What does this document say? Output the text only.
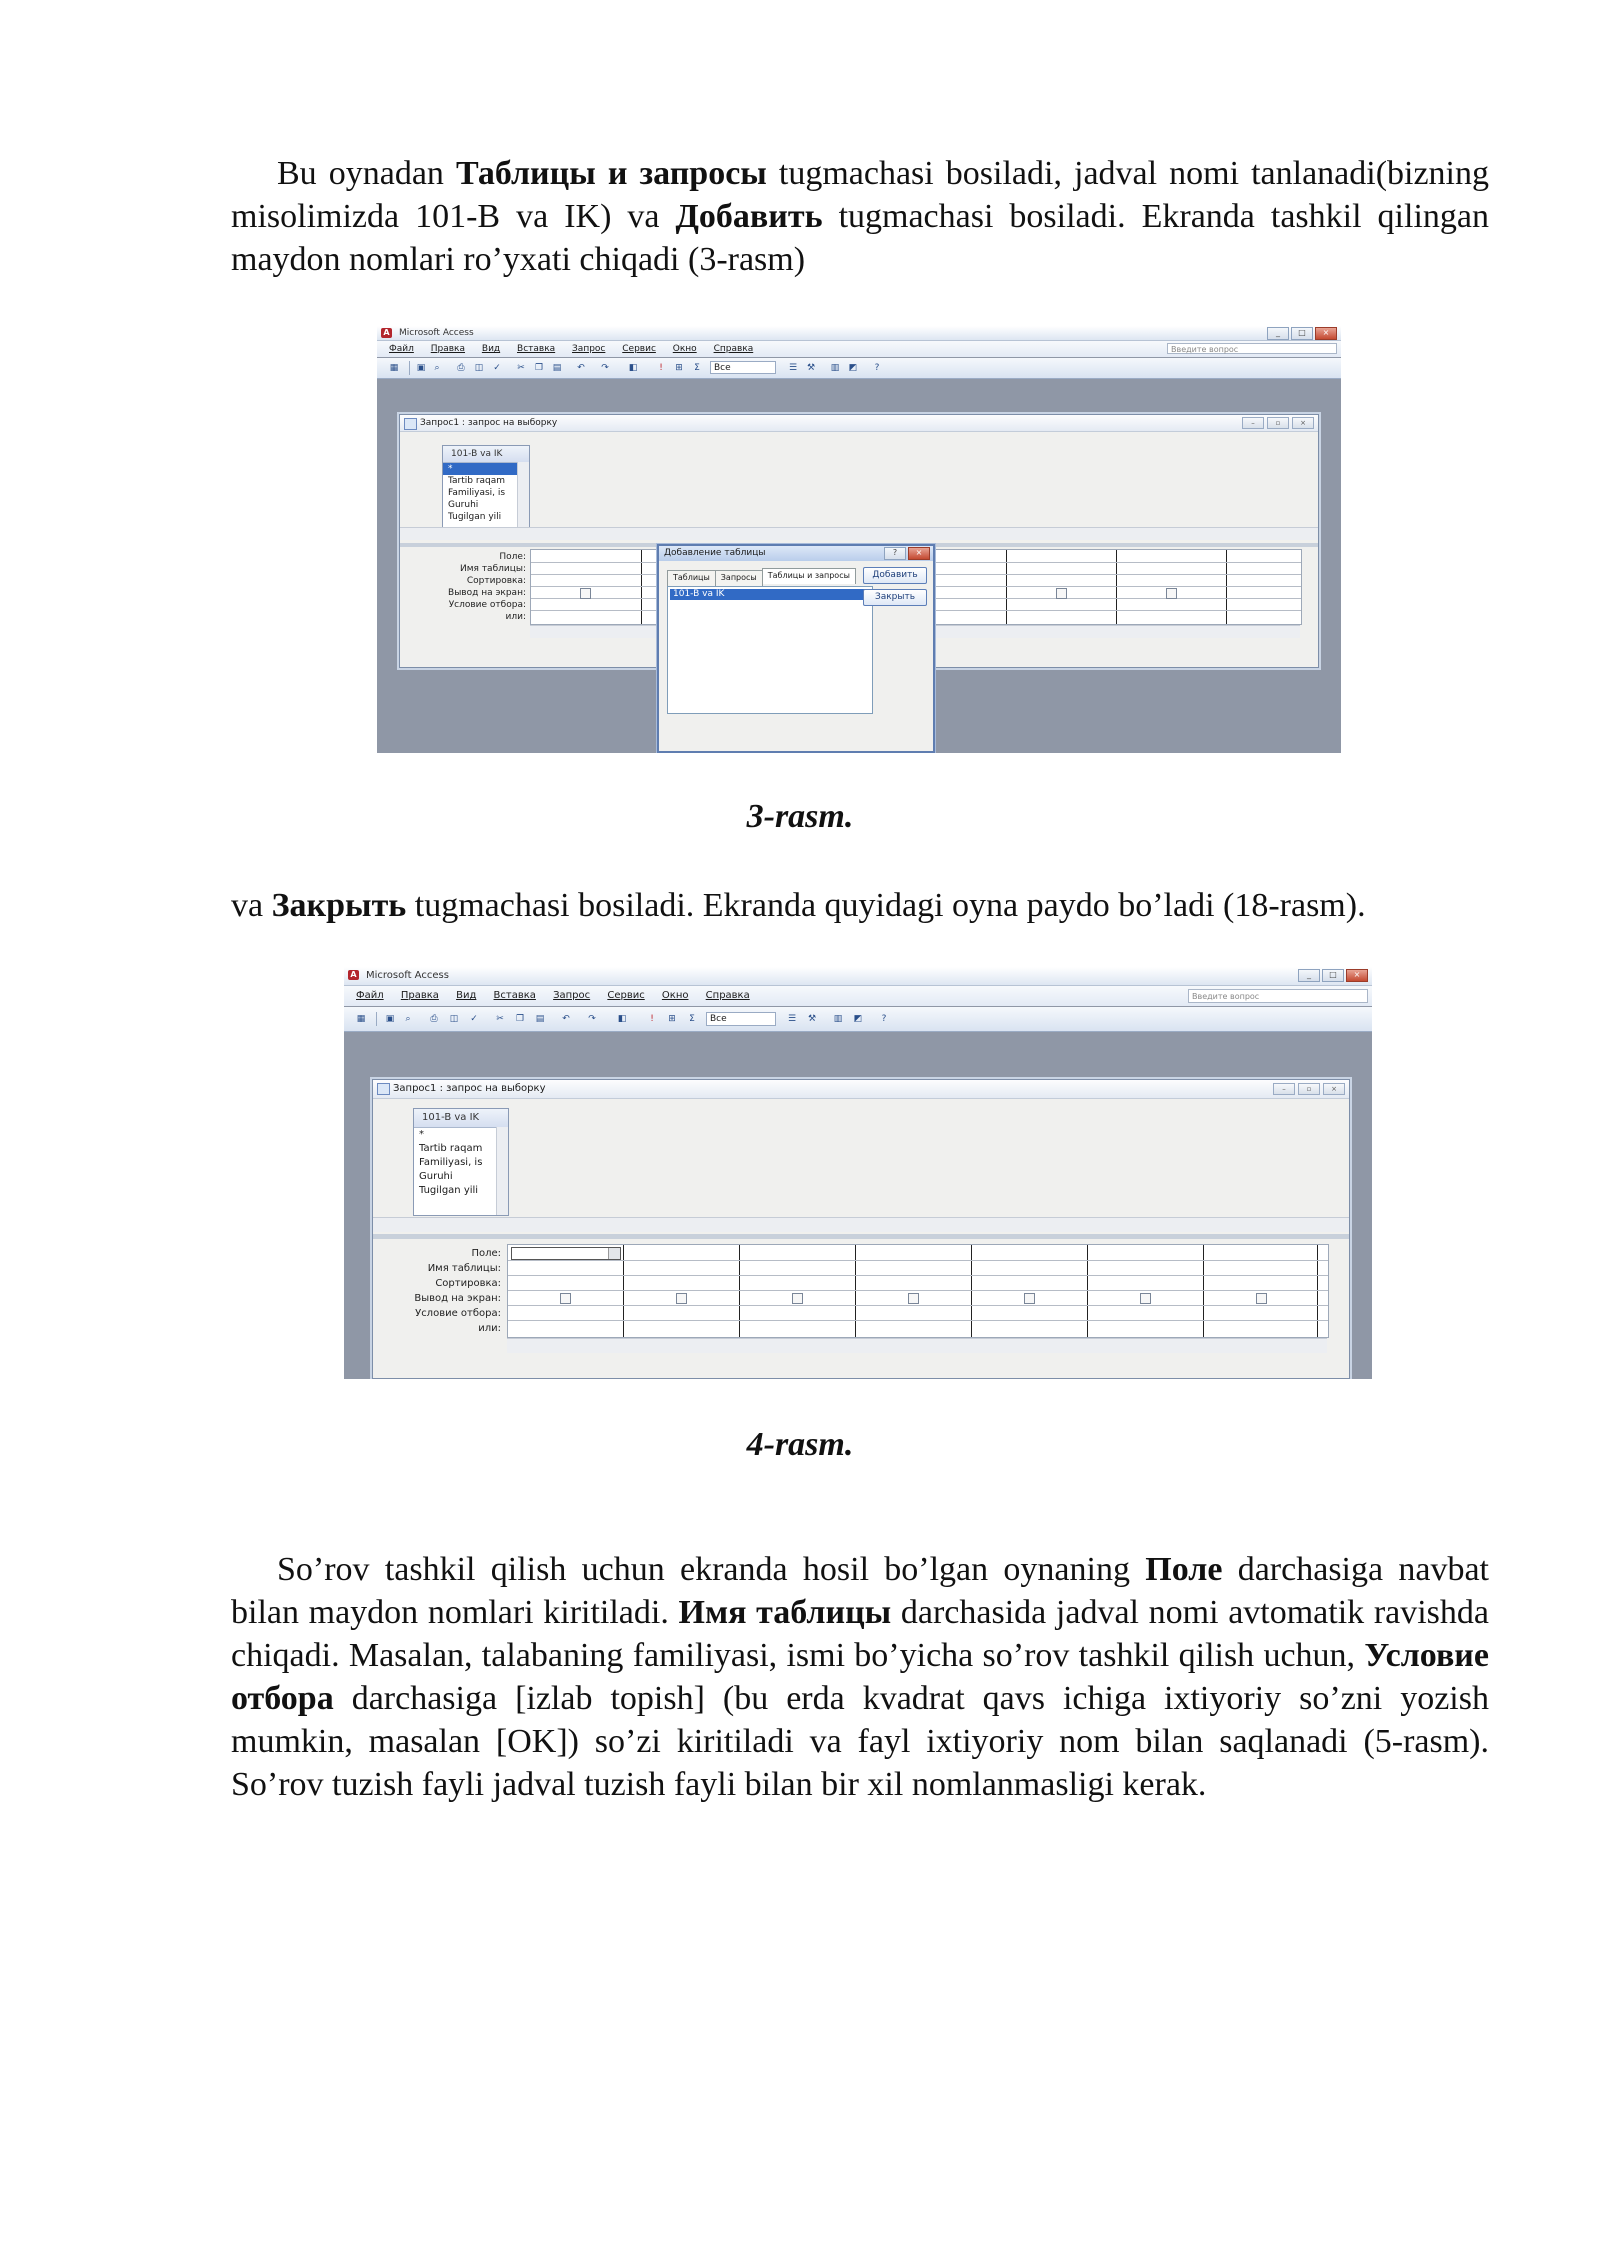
Bu oynadan Таблицы и запросы tugmachasi bosiladi, jadval nomi tanlanadi(bizning misolimizda 101-B va IK) va Добавить tugmachasi bosiladi. Ekranda tashkil qilingan maydon nomlari ro’yxati chiqadi (3-rasm)

A Microsoft Access	_	□	×
Файл Правка Вид Вставка Запрос Сервис Окно Справка	Введите вопрос
▦	▣	⌕	⎙ ◫ ✓ ✂ ❐ ▤ ↶ ↷ ◧	!	⊞	Σ	Все	☰ ⚒ ▥ ◩	?
Запрос1 : запрос на выборку	–	▫	×
101-B va IK
*
Tartib raqam
Familiyasi, is
Guruhi
Tugilgan yili
Поле:
Имя таблицы:
Сортировка:
Вывод на экран:
Условие отбора:
или:
Добавление таблицы	?	×
Таблицы	Запросы	Таблицы и запросы
101-B va IK
Добавить
Закрыть
3-rasm.

va Закрыть tugmachasi bosiladi. Ekranda quyidagi oyna paydo bo’ladi (18-rasm).

A Microsoft Access	_	□	×
Файл Правка Вид Вставка Запрос Сервис Окно Справка	Введите вопрос
▦	▣	⌕	⎙ ◫ ✓ ✂ ❐ ▤ ↶ ↷ ◧	!	⊞	Σ	Все	☰ ⚒ ▥ ◩	?
Запрос1 : запрос на выборку	–	▫	×
101-B va IK
*
Tartib raqam
Familiyasi, is
Guruhi
Tugilgan yili
Поле:
Имя таблицы:
Сортировка:
Вывод на экран:
Условие отбора:
или:
4-rasm.

So’rov tashkil qilish uchun ekranda hosil bo’lgan oynaning Поле darchasiga navbat bilan maydon nomlari kiritiladi. Имя таблицы darchasida jadval nomi avtomatik ravishda chiqadi. Masalan, talabaning familiyasi, ismi bo’yicha so’rov tashkil qilish uchun, Условие отбора darchasiga [izlab topish] (bu erda kvadrat qavs ichiga ixtiyoriy so’zni yozish mumkin, masalan [OK]) so’zi kiritiladi va fayl ixtiyoriy nom bilan saqlanadi (5-rasm). So’rov tuzish fayli jadval tuzish fayli bilan bir xil nomlanmasligi kerak.
